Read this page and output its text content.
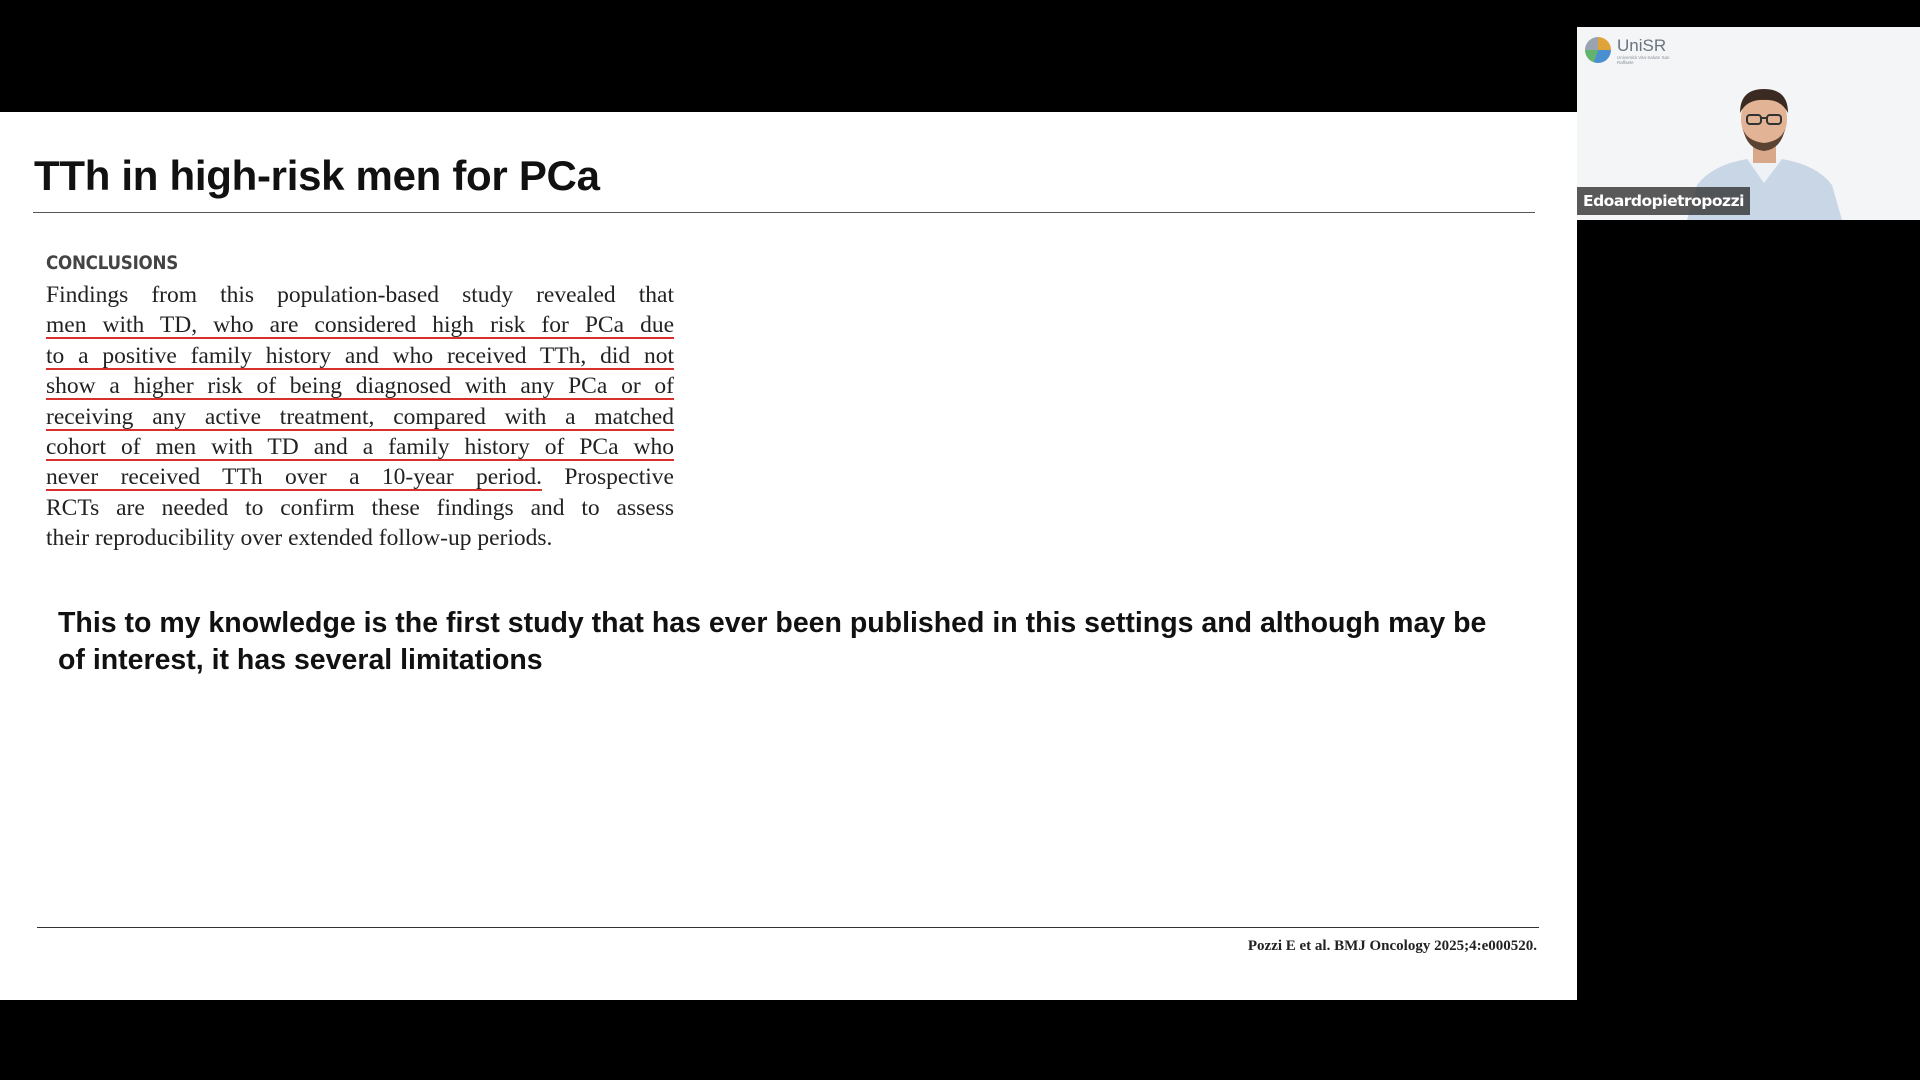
TTh in high-risk men for PCa
CONCLUSIONS
Findings from this population-based study revealed that
men with TD, who are considered high risk for PCa due
to a positive family history and who received TTh, did not
show a higher risk of being diagnosed with any PCa or of
receiving any active treatment, compared with a matched
cohort of men with TD and a family history of PCa who
never received TTh over a 10-year period. Prospective
RCTs are needed to confirm these findings and to assess
their reproducibility over extended follow-up periods.
This to my knowledge is the first study that has ever been published in this settings and although may be of interest, it has several limitations
Pozzi E et al. BMJ Oncology 2025;4:e000520.
UniSR
Università Vita-Salute San Raffaele
Edoardopietropozzi
